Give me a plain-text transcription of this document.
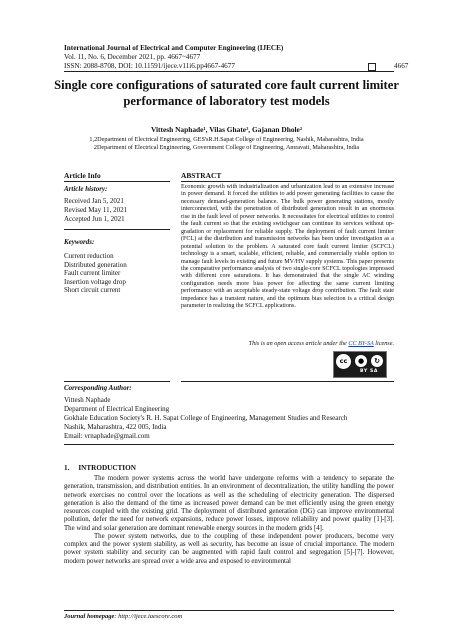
International Journal of Electrical and Computer Engineering (IJECE)
Vol. 11, No. 6, December 2021, pp. 4667~4677
ISSN: 2088-8708, DOI: 10.11591/ijece.v11i6.pp4667-4677	4667
Single core configurations of saturated core fault current limiter performance of laboratory test models
Vittesh Naphade¹, Vilas Ghate², Gajanan Dhole²
1,2Department of Electrical Engineering, GES'sR.H.Sapat College of Engineering, Nashik, Maharashtra, India
2Department of Electrical Engineering, Government College of Engineering, Amravati, Maharashtra, India
Article Info	ABSTRACT
Article history:
Received Jan 5, 2021
Revised May 11, 2021
Accepted Jun 1, 2021
Keywords:
Current reduction
Distributed generation
Fault current limiter
Insertion voltage drop
Short circuit current
Economic growth with industrialization and urbanization lead to an extensive increase in power demand. It forced the utilities to add power generating facilities to cause the necessary demand-generation balance. The bulk power generating stations, mostly interconnected, with the penetration of distributed generation result in an enormous rise in the fault level of power networks. It necessitates for electrical utilities to control the fault current so that the existing switchgear can continue its services without up-gradation or replacement for reliable supply. The deployment of fault current limiter (FCL) at the distribution and transmission networks has been under investigation as a potential solution to the problem. A saturated core fault current limiter (SCFCL) technology is a smart, scalable, efficient, reliable, and commercially viable option to manage fault levels in existing and future MV/HV supply systems. This paper presents the comparative performance analysis of two single-core SCFCL topologies impressed with different core saturations. It has demonstrated that the single AC winding configuration needs more bias power for affecting the same current limiting performance with an acceptable steady-state voltage drop contribution. The fault state impedance has a transient nature, and the optimum bias selection is a critical design parameter in realizing the SCFCL applications.
This is an open access article under the CC BY-SA license.
cc	●	↻
BY SA
Corresponding Author:
Vittesh Naphade
Department of Electrical Engineering
Gokhale Education Society's R. H. Sapat College of Engineering, Management Studies and Research
Nashik, Maharashtra, 422 005, India
Email: vrnaphade@gmail.com
1.     INTRODUCTION

The modern power systems across the world have undergone reforms with a tendency to separate the generation, transmission, and distribution entities. In an environment of decentralization, the utility handling the power network exercises no control over the locations as well as the scheduling of electricity generation. The dispersed generation is also the demand of the time as increased power demand can be met efficiently using the green energy resources coupled with the existing grid. The deployment of distributed generation (DG) can improve environmental pollution, defer the need for network expansions, reduce power losses, improve reliability and power quality [1]-[3]. The wind and solar generation are dominant renewable energy sources in the modern grids [4].

The power system networks, due to the coupling of these independent power producers, become very complex and the power system stability, as well as security, has become an issue of crucial importance. The modern power system stability and security can be augmented with rapid fault control and segregation [5]-[7]. However, modern power networks are spread over a wide area and exposed to environmental

Journal homepage: http://ijece.iaescore.com
